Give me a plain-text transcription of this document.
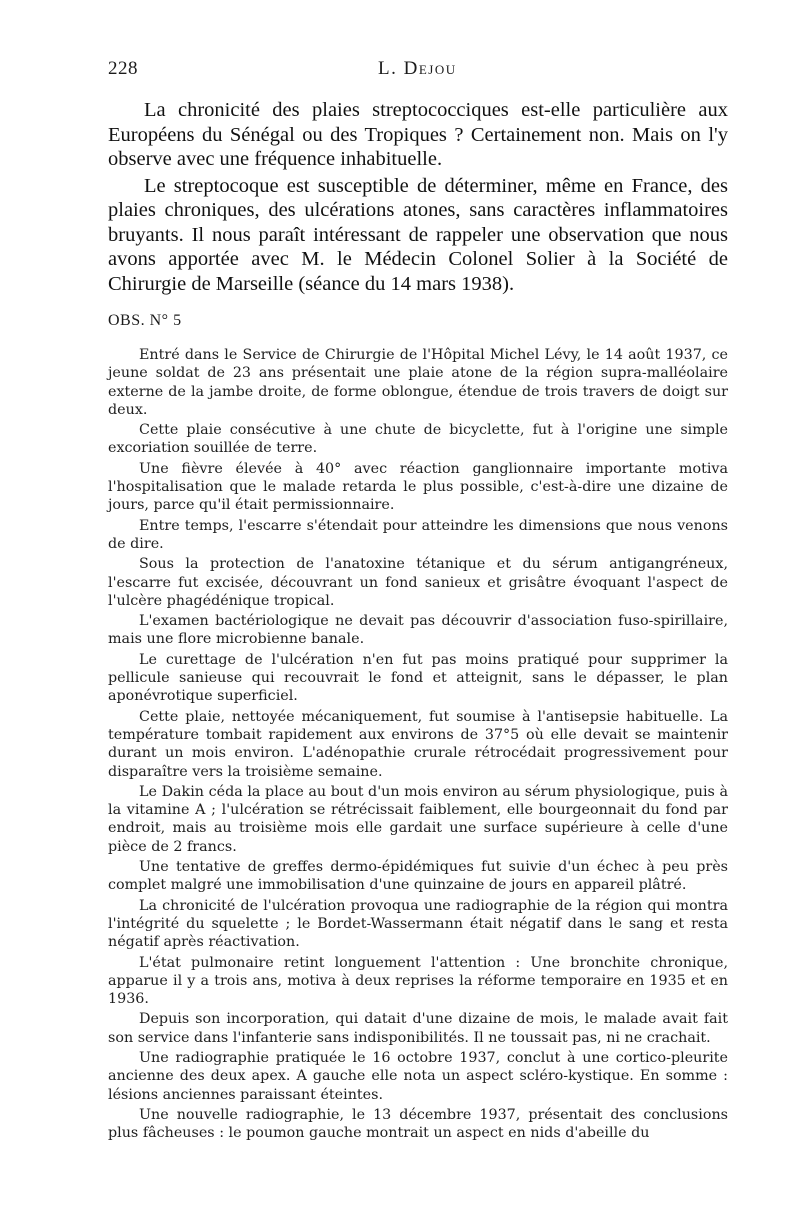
228	L. Dejou

La chronicité des plaies streptococciques est-elle particulière aux Européens du Sénégal ou des Tropiques ? Certainement non. Mais on l'y observe avec une fréquence inhabituelle.

Le streptocoque est susceptible de déterminer, même en France, des plaies chroniques, des ulcérations atones, sans caractères inflammatoires bruyants. Il nous paraît intéressant de rappeler une observation que nous avons apportée avec M. le Médecin Colonel Solier à la Société de Chirurgie de Marseille (séance du 14 mars 1938).

OBS. N° 5

Entré dans le Service de Chirurgie de l'Hôpital Michel Lévy, le 14 août 1937, ce jeune soldat de 23 ans présentait une plaie atone de la région supra-malléolaire externe de la jambe droite, de forme oblongue, étendue de trois travers de doigt sur deux.

Cette plaie consécutive à une chute de bicyclette, fut à l'origine une simple excoriation souillée de terre.

Une fièvre élevée à 40° avec réaction ganglionnaire importante motiva l'hospitalisation que le malade retarda le plus possible, c'est-à-dire une dizaine de jours, parce qu'il était permissionnaire.

Entre temps, l'escarre s'étendait pour atteindre les dimensions que nous venons de dire.

Sous la protection de l'anatoxine tétanique et du sérum antigangréneux, l'escarre fut excisée, découvrant un fond sanieux et grisâtre évoquant l'aspect de l'ulcère phagédénique tropical.

L'examen bactériologique ne devait pas découvrir d'association fuso-spirillaire, mais une flore microbienne banale.

Le curettage de l'ulcération n'en fut pas moins pratiqué pour supprimer la pellicule sanieuse qui recouvrait le fond et atteignit, sans le dépasser, le plan aponévrotique superficiel.

Cette plaie, nettoyée mécaniquement, fut soumise à l'antisepsie habituelle. La température tombait rapidement aux environs de 37°5 où elle devait se maintenir durant un mois environ. L'adénopathie crurale rétrocédait progressivement pour disparaître vers la troisième semaine.

Le Dakin céda la place au bout d'un mois environ au sérum physiologique, puis à la vitamine A ; l'ulcération se rétrécissait faiblement, elle bourgeonnait du fond par endroit, mais au troisième mois elle gardait une surface supérieure à celle d'une pièce de 2 francs.

Une tentative de greffes dermo-épidémiques fut suivie d'un échec à peu près complet malgré une immobilisation d'une quinzaine de jours en appareil plâtré.

La chronicité de l'ulcération provoqua une radiographie de la région qui montra l'intégrité du squelette ; le Bordet-Wassermann était négatif dans le sang et resta négatif après réactivation.

L'état pulmonaire retint longuement l'attention : Une bronchite chronique, apparue il y a trois ans, motiva à deux reprises la réforme temporaire en 1935 et en 1936.

Depuis son incorporation, qui datait d'une dizaine de mois, le malade avait fait son service dans l'infanterie sans indisponibilités. Il ne toussait pas, ni ne crachait.

Une radiographie pratiquée le 16 octobre 1937, conclut à une cortico-pleurite ancienne des deux apex. A gauche elle nota un aspect scléro-kystique. En somme : lésions anciennes paraissant éteintes.

Une nouvelle radiographie, le 13 décembre 1937, présentait des conclusions plus fâcheuses : le poumon gauche montrait un aspect en nids d'abeille du
